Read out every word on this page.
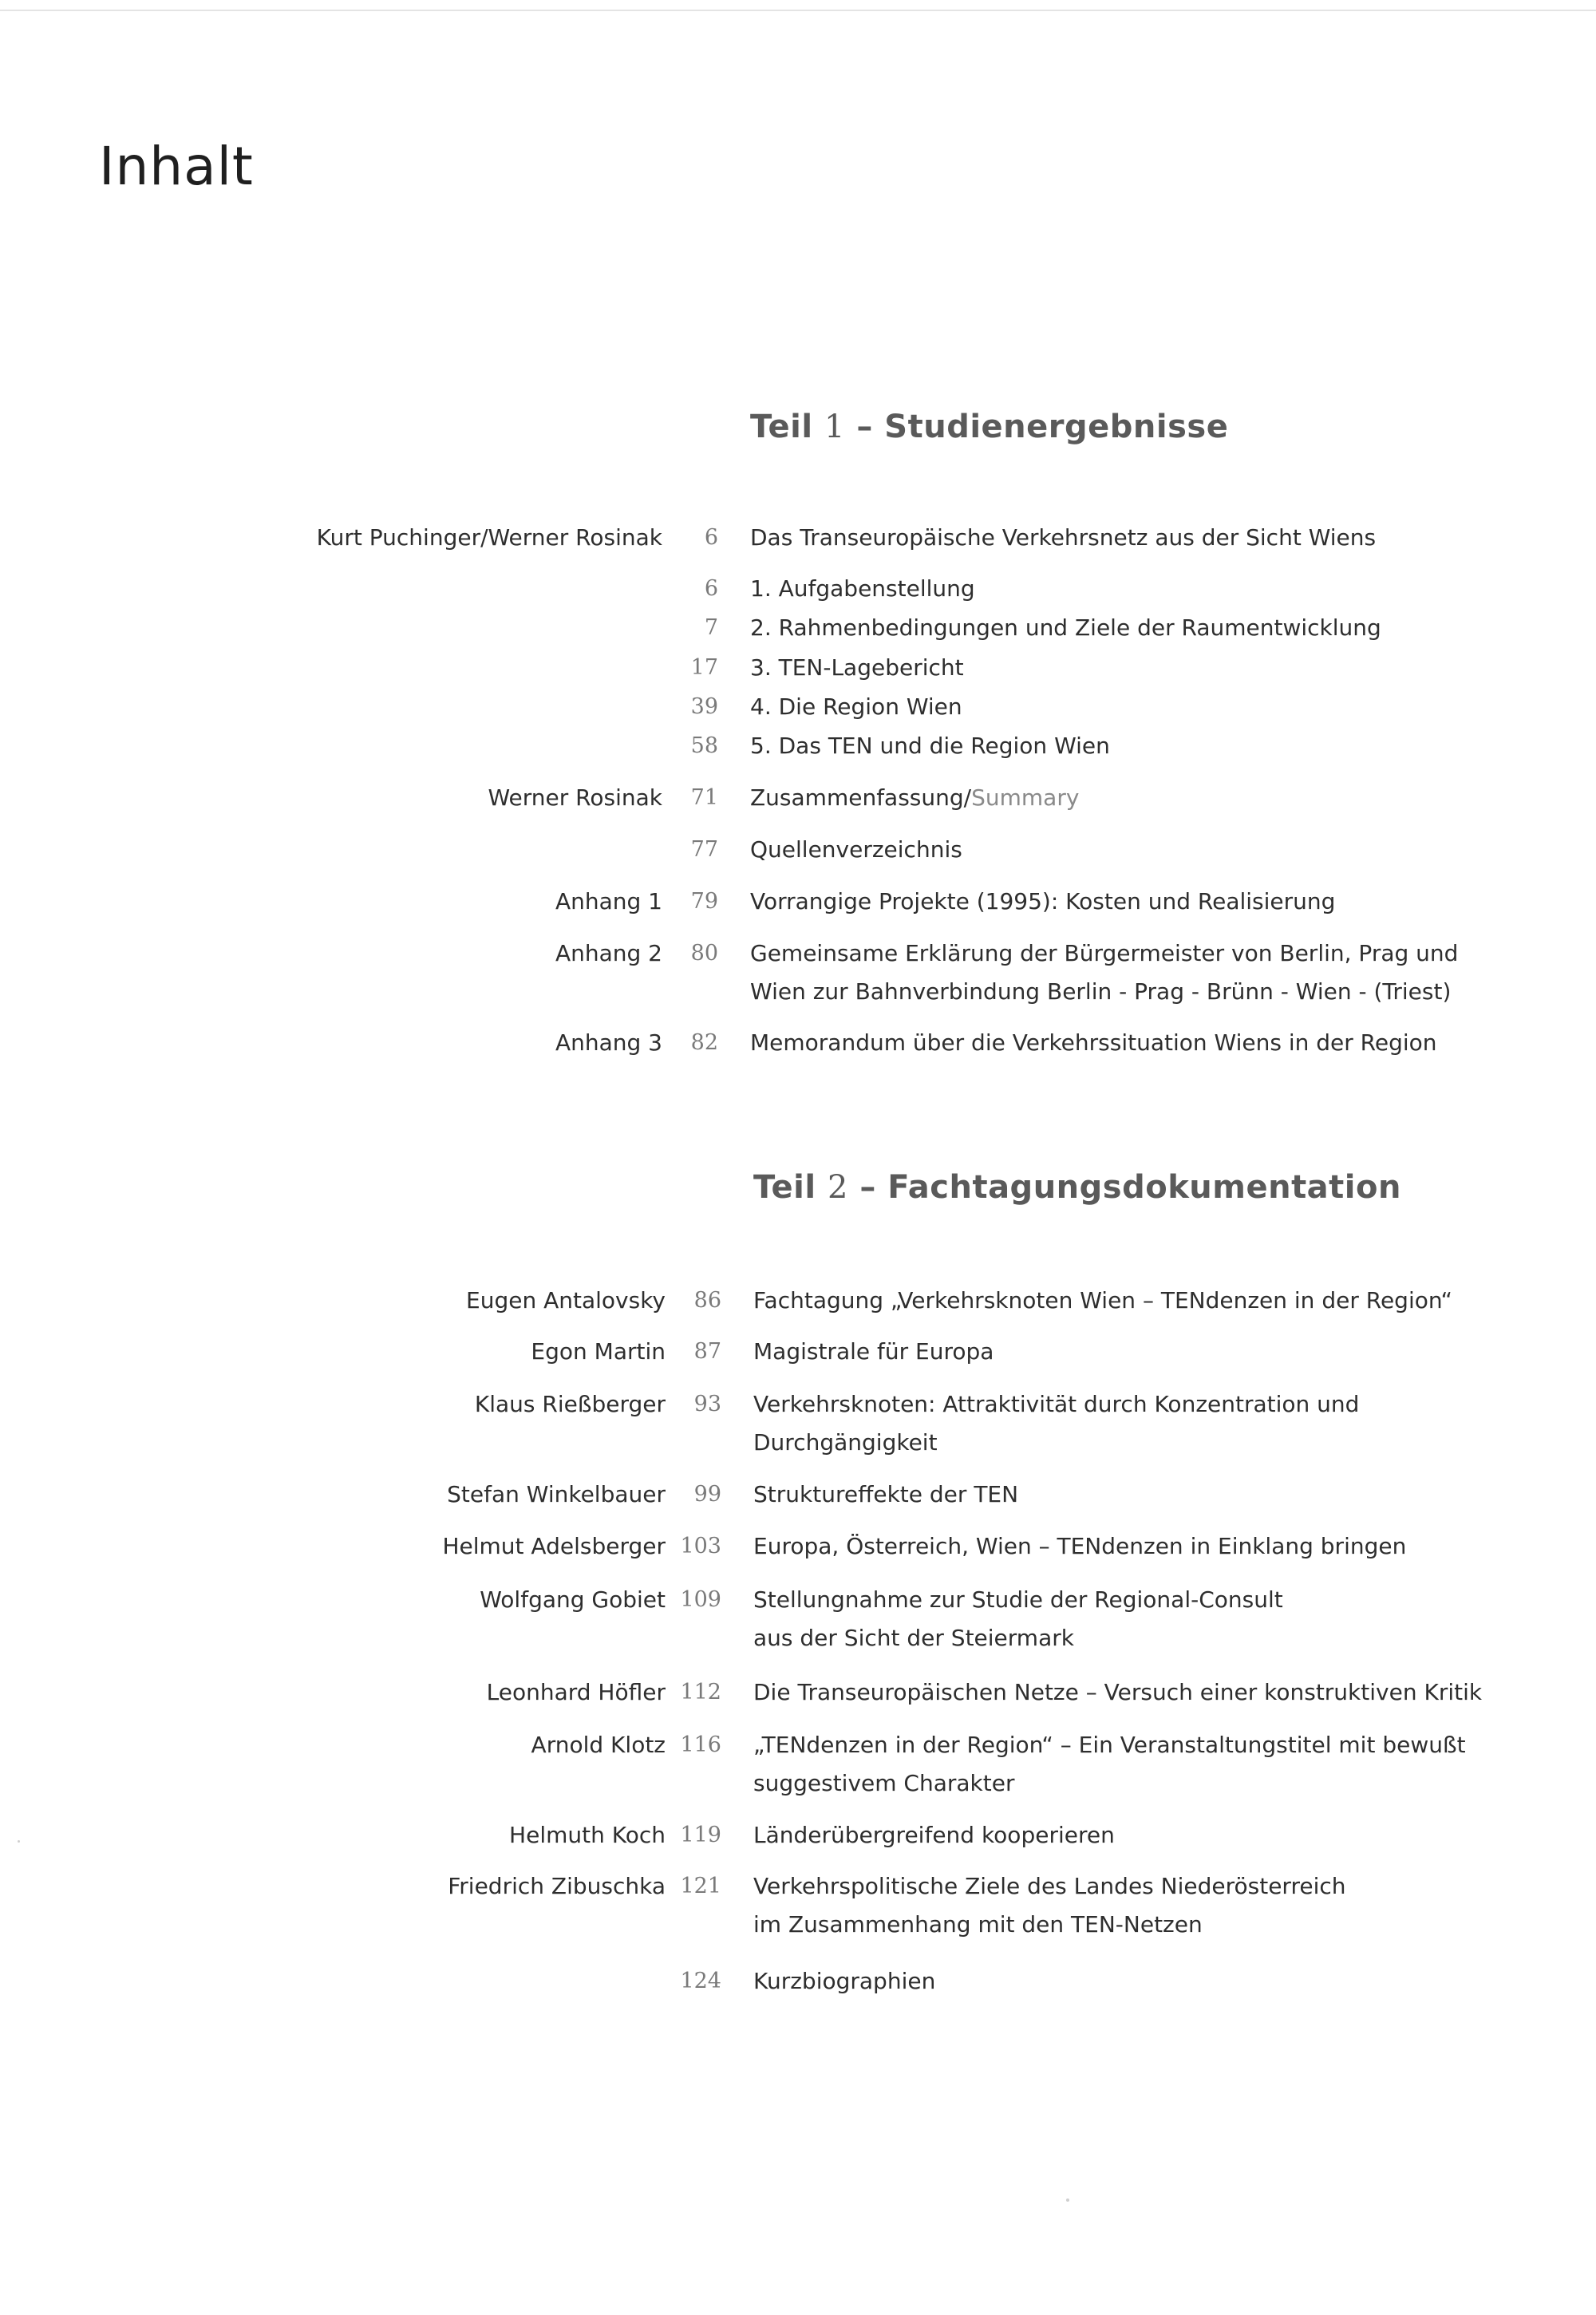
Inhalt
Teil 1 – Studienergebnisse
Kurt Puchinger/Werner Rosinak 6 Das Transeuropäische Verkehrsnetz aus der Sicht Wiens
6 1. Aufgabenstellung
7 2. Rahmenbedingungen und Ziele der Raumentwicklung
17 3. TEN-Lagebericht
39 4. Die Region Wien
58 5. Das TEN und die Region Wien
Werner Rosinak 71 Zusammenfassung/Summary
77 Quellenverzeichnis
Anhang 1 79 Vorrangige Projekte (1995): Kosten und Realisierung
Anhang 2 80 Gemeinsame Erklärung der Bürgermeister von Berlin, Prag und
Wien zur Bahnverbindung Berlin - Prag - Brünn - Wien - (Triest)
Anhang 3 82 Memorandum über die Verkehrssituation Wiens in der Region
Teil 2 – Fachtagungsdokumentation
Eugen Antalovsky 86 Fachtagung „Verkehrsknoten Wien – TENdenzen in der Region“
Egon Martin 87 Magistrale für Europa
Klaus Rießberger 93 Verkehrsknoten: Attraktivität durch Konzentration und
Durchgängigkeit
Stefan Winkelbauer 99 Struktureffekte der TEN
Helmut Adelsberger 103 Europa, Österreich, Wien – TENdenzen in Einklang bringen
Wolfgang Gobiet 109 Stellungnahme zur Studie der Regional-Consult
aus der Sicht der Steiermark
Leonhard Höfler 112 Die Transeuropäischen Netze – Versuch einer konstruktiven Kritik
Arnold Klotz 116 „TENdenzen in der Region“ – Ein Veranstaltungstitel mit bewußt
suggestivem Charakter
Helmuth Koch 119 Länderübergreifend kooperieren
Friedrich Zibuschka 121 Verkehrspolitische Ziele des Landes Niederösterreich
im Zusammenhang mit den TEN-Netzen
124 Kurzbiographien
